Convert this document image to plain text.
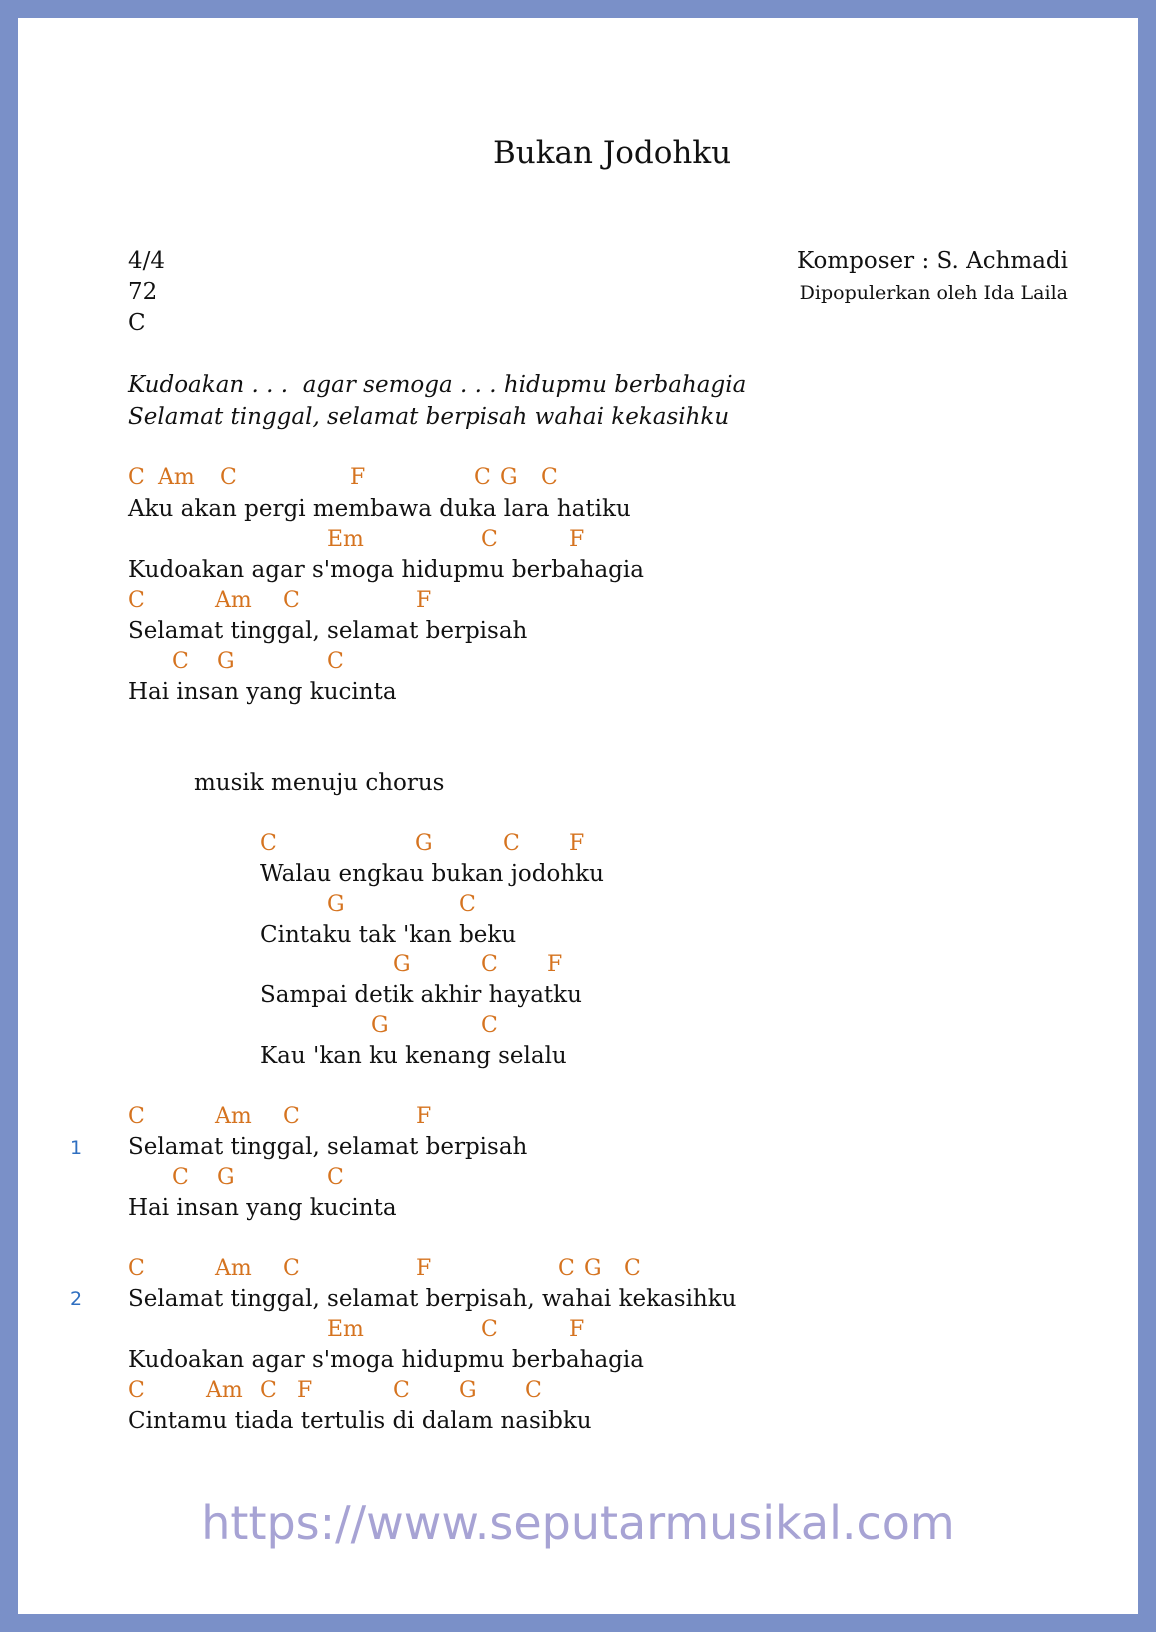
Bukan Jodohku
4/4
72
C
Komposer : S. Achmadi
Dipopulerkan oleh Ida Laila
Kudoakan . . .  agar semoga . . . hidupmu berbahagia
Selamat tinggal, selamat berpisah wahai kekasihku
C Am C	F	C G C
Aku akan pergi membawa duka lara hatiku
Em	C	F
Kudoakan agar s'moga hidupmu berbahagia
C	Am C	F
Selamat tinggal, selamat berpisah
C G	C
Hai insan yang kucinta
musik menuju chorus
C	G	C F
Walau engkau bukan jodohku
G	C
Cintaku tak 'kan beku
G	C F
Sampai detik akhir hayatku
G	C
Kau 'kan ku kenang selalu
C	Am C	F
1 Selamat tinggal, selamat berpisah
C G	C
Hai insan yang kucinta
C	Am C	F	C G C
2 Selamat tinggal, selamat berpisah, wahai kekasihku
Em	C	F
Kudoakan agar s'moga hidupmu berbahagia
C	Am C F	C G C
Cintamu tiada tertulis di dalam nasibku
https://www.seputarmusikal.com
